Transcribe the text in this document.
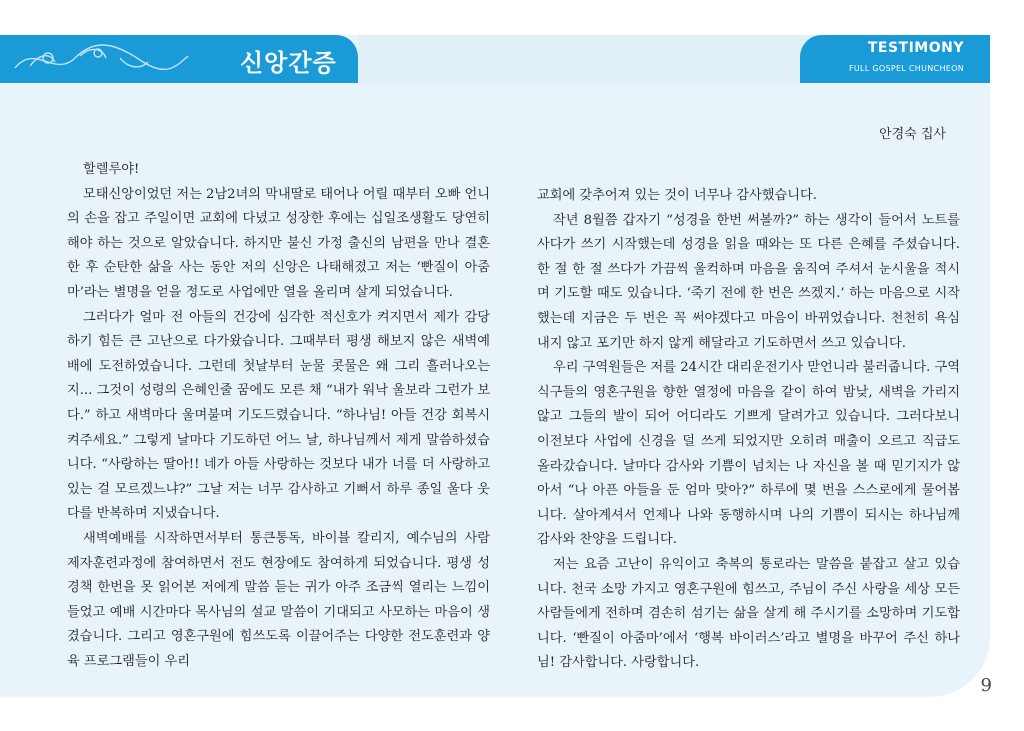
신앙간증
TESTIMONY
FULL GOSPEL CHUNCHEON
안경숙 집사

할렐루야!

모태신앙이었던 저는 2남2녀의 막내딸로 태어나 어릴 때부터 오빠 언니의 손을 잡고 주일이면 교회에 다녔고 성장한 후에는 십일조생활도 당연히 해야 하는 것으로 알았습니다. 하지만 불신 가정 출신의 남편을 만나 결혼한 후 순탄한 삶을 사는 동안 저의 신앙은 나태해졌고 저는 ‘빤질이 아줌마’라는 별명을 얻을 정도로 사업에만 열을 올리며 살게 되었습니다.

그러다가 얼마 전 아들의 건강에 심각한 적신호가 켜지면서 제가 감당하기 힘든 큰 고난으로 다가왔습니다. 그때부터 평생 해보지 않은 새벽예배에 도전하였습니다. 그런데 첫날부터 눈물 콧물은 왜 그리 흘러나오는지... 그것이 성령의 은혜인줄 꿈에도 모른 채 “내가 워낙 울보라 그런가 보다.” 하고 새벽마다 울며불며 기도드렸습니다. “하나님! 아들 건강 회복시켜주세요.” 그렇게 날마다 기도하던 어느 날, 하나님께서 제게 말씀하셨습니다. “사랑하는 딸아!! 네가 아들 사랑하는 것보다 내가 너를 더 사랑하고 있는 걸 모르겠느냐?” 그날 저는 너무 감사하고 기뻐서 하루 종일 울다 웃다를 반복하며 지냈습니다.

새벽예배를 시작하면서부터 통큰통독, 바이블 칼리지, 예수님의 사람 제자훈련과정에 참여하면서 전도 현장에도 참여하게 되었습니다. 평생 성경책 한번을 못 읽어본 저에게 말씀 듣는 귀가 아주 조금씩 열리는 느낌이 들었고 예배 시간마다 목사님의 설교 말씀이 기대되고 사모하는 마음이 생겼습니다. 그리고 영혼구원에 힘쓰도록 이끌어주는 다양한 전도훈련과 양육 프로그램들이 우리

교회에 갖추어져 있는 것이 너무나 감사했습니다.

작년 8월쯤 갑자기 “성경을 한번 써볼까?” 하는 생각이 들어서 노트를 사다가 쓰기 시작했는데 성경을 읽을 때와는 또 다른 은혜를 주셨습니다. 한 절 한 절 쓰다가 가끔씩 울컥하며 마음을 움직여 주셔서 눈시울을 적시며 기도할 때도 있습니다. ‘죽기 전에 한 번은 쓰겠지.’ 하는 마음으로 시작했는데 지금은 두 번은 꼭 써야겠다고 마음이 바뀌었습니다. 천천히 욕심 내지 않고 포기만 하지 않게 해달라고 기도하면서 쓰고 있습니다.

우리 구역원들은 저를 24시간 대리운전기사 맏언니라 불러줍니다. 구역식구들의 영혼구원을 향한 열정에 마음을 같이 하여 밤낮, 새벽을 가리지 않고 그들의 발이 되어 어디라도 기쁘게 달려가고 있습니다. 그러다보니 이전보다 사업에 신경을 덜 쓰게 되었지만 오히려 매출이 오르고 직급도 올라갔습니다. 날마다 감사와 기쁨이 넘치는 나 자신을 볼 때 믿기지가 않아서 “나 아픈 아들을 둔 엄마 맞아?” 하루에 몇 번을 스스로에게 물어봅니다. 살아계셔서 언제나 나와 동행하시며 나의 기쁨이 되시는 하나님께 감사와 찬양을 드립니다.

저는 요즘 고난이 유익이고 축복의 통로라는 말씀을 붙잡고 살고 있습니다. 천국 소망 가지고 영혼구원에 힘쓰고, 주님이 주신 사랑을 세상 모든 사람들에게 전하며 겸손히 섬기는 삶을 살게 해 주시기를 소망하며 기도합니다. ‘빤질이 아줌마’에서 ‘행복 바이러스’라고 별명을 바꾸어 주신 하나님! 감사합니다. 사랑합니다.

9
